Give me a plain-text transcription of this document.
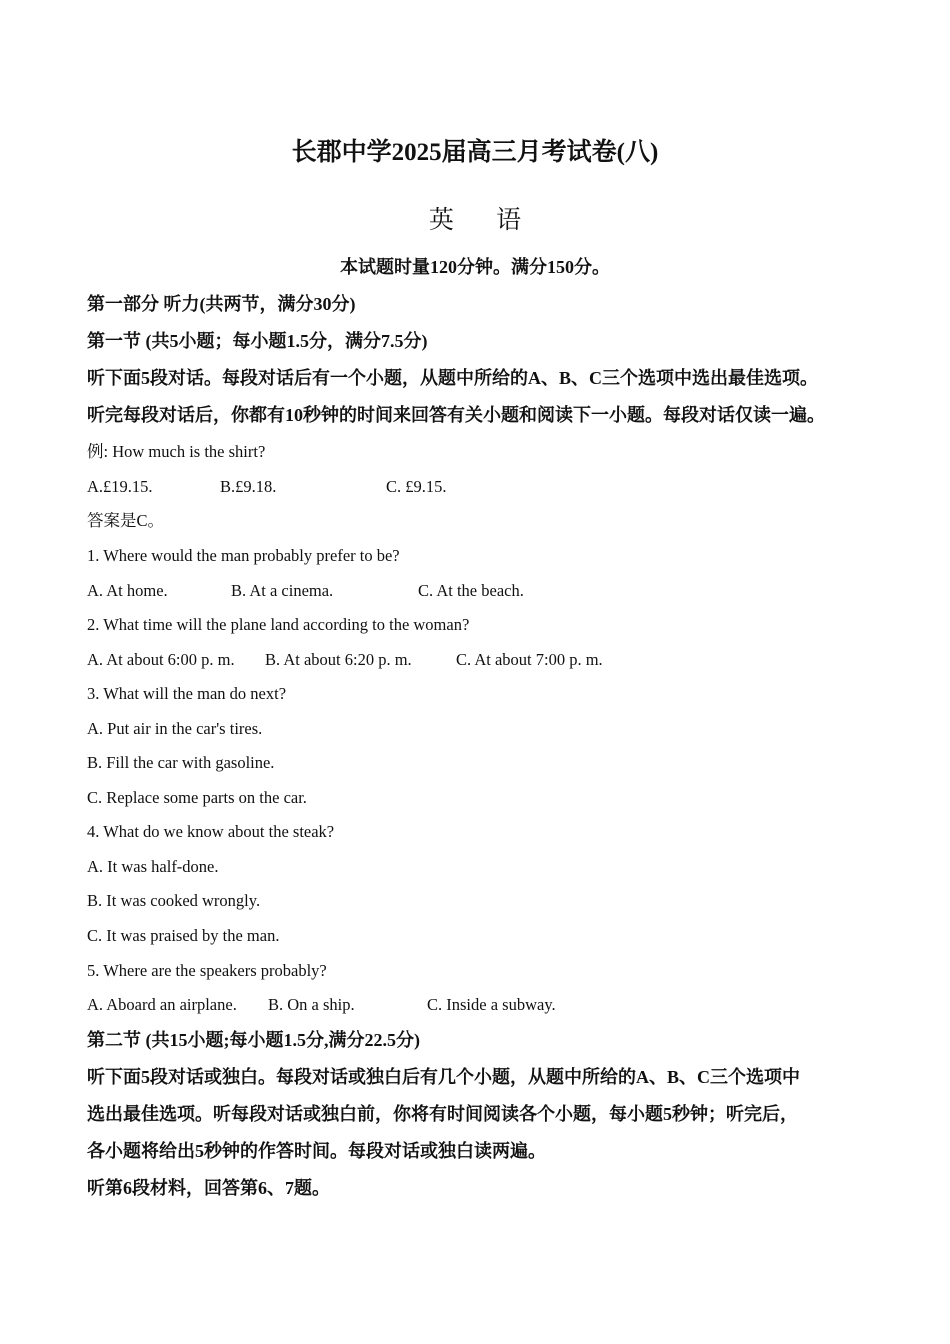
长郡中学2025届高三月考试卷(八)
英 语
本试题时量120分钟。满分150分。
第一部分 听力(共两节，满分30分)
第一节 (共5小题；每小题1.5分，满分7.5分)
听下面5段对话。每段对话后有一个小题，从题中所给的A、B、C三个选项中选出最佳选项。
听完每段对话后，你都有10秒钟的时间来回答有关小题和阅读下一小题。每段对话仅读一遍。
例: How much is the shirt?
A.£19.15.	B.£9.18.	C. £9.15.
答案是C。
1. Where would the man probably prefer to be?
A. At home.	B. At a cinema.	C. At the beach.
2. What time will the plane land according to the woman?
A. At about 6:00 p. m. B. At about 6:20 p. m.	C. At about 7:00 p. m.
3. What will the man do next?
A. Put air in the car's tires.
B. Fill the car with gasoline.
C. Replace some parts on the car.
4. What do we know about the steak?
A. It was half-done.
B. It was cooked wrongly.
C. It was praised by the man.
5. Where are the speakers probably?
A. Aboard an airplane. B. On a ship.	C. Inside a subway.
第二节 (共15小题;每小题1.5分,满分22.5分)
听下面5段对话或独白。每段对话或独白后有几个小题，从题中所给的A、B、C三个选项中
选出最佳选项。听每段对话或独白前，你将有时间阅读各个小题，每小题5秒钟；听完后，
各小题将给出5秒钟的作答时间。每段对话或独白读两遍。
听第6段材料，回答第6、7题。
